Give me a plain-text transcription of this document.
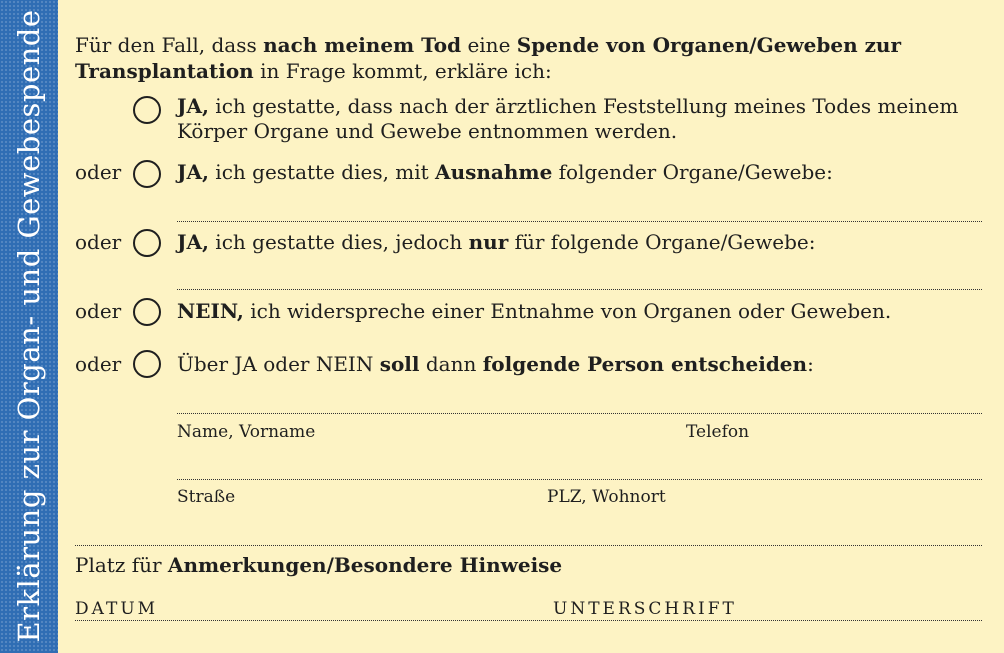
Erklärung zur Organ- und Gewebespende Für den Fall, dass nach meinem Tod eine Spende von Organen/Geweben zur
Transplantation in Frage kommt, erkläre ich:
JA, ich gestatte, dass nach der ärztlichen Feststellung meines Todes meinem
Körper Organe und Gewebe entnommen werden.
oder	JA, ich gestatte dies, mit Ausnahme folgender Organe/Gewebe:
oder	JA, ich gestatte dies, jedoch nur für folgende Organe/Gewebe:
oder	NEIN, ich widerspreche einer Entnahme von Organen oder Geweben.
oder	Über JA oder NEIN soll dann folgende Person entscheiden:
Name, Vorname	Telefon
Straße	PLZ, Wohnort
Platz für Anmerkungen/Besondere Hinweise
DATUM	UNTERSCHRIFT
